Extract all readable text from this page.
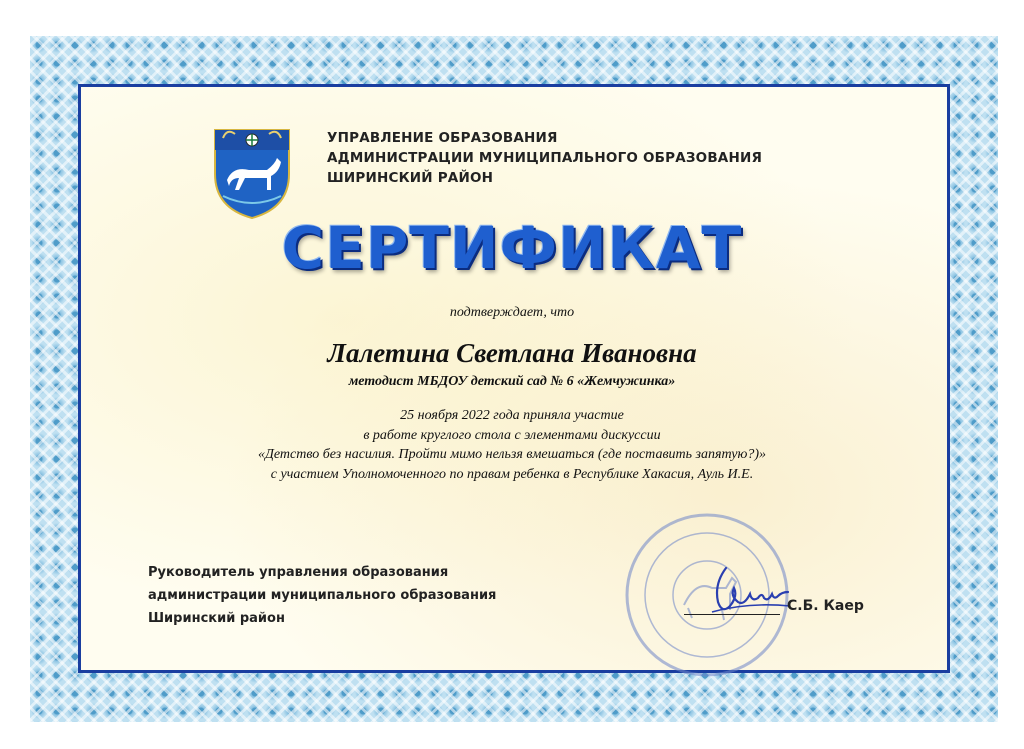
УПРАВЛЕНИЕ ОБРАЗОВАНИЯ
АДМИНИСТРАЦИИ МУНИЦИПАЛЬНОГО ОБРАЗОВАНИЯ
ШИРИНСКИЙ РАЙОН
СЕРТИФИКАТ
подтверждает, что
Лалетина Светлана Ивановна
методист МБДОУ детский сад № 6 «Жемчужинка»
25 ноября 2022 года приняла участие
в работе круглого стола с элементами дискуссии
«Детство без насилия. Пройти мимо нельзя вмешаться (где поставить запятую?)»
с участием Уполномоченного по правам ребенка в Республике Хакасия, Ауль И.Е.
Руководитель управления образования
администрации муниципального образования
Ширинский район
С.Б. Каер
